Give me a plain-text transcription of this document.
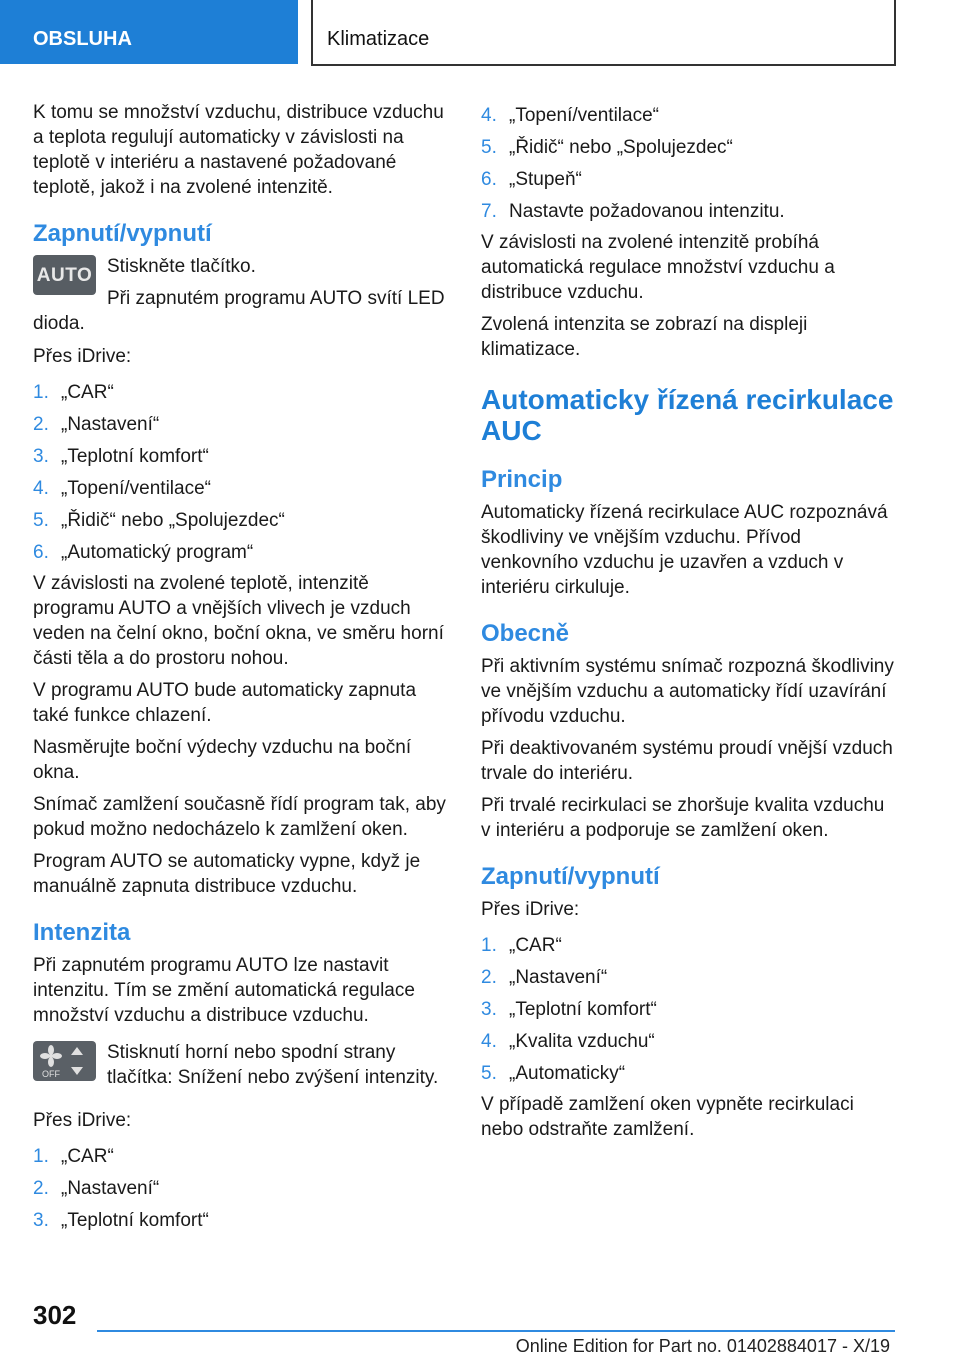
OBSLUHA	Klimatizace

K tomu se množství vzduchu, distribuce vzduchu a teplota regulují automaticky v závislosti na teplotě v interiéru a nastavené požadované teplotě, jakož i na zvolené intenzitě.

Zapnutí/vypnutí
AUTO Stiskněte tlačítko.

Při zapnutém programu AUTO svítí LED dioda.

Přes iDrive:

1. „CAR“
2. „Nastavení“
3. „Teplotní komfort“
4. „Topení/ventilace“
5. „Řidič“ nebo „Spolujezdec“
6. „Automatický program“

V závislosti na zvolené teplotě, intenzitě programu AUTO a vnějších vlivech je vzduch veden na čelní okno, boční okna, ve směru horní části těla a do prostoru nohou.

V programu AUTO bude automaticky zapnuta také funkce chlazení.

Nasměrujte boční výdechy vzduchu na boční okna.

Snímač zamlžení současně řídí program tak, aby pokud možno nedocházelo k zamlžení oken.

Program AUTO se automaticky vypne, když je manuálně zapnuta distribuce vzduchu.

Intenzita

Při zapnutém programu AUTO lze nastavit intenzitu. Tím se změní automatická regulace množství vzduchu a distribuce vzduchu.

OFF

Stisknutí horní nebo spodní strany tlačítka: Snížení nebo zvýšení intenzity.

Přes iDrive:

1. „CAR“
2. „Nastavení“
3. „Teplotní komfort“
4. „Topení/ventilace“
5. „Řidič“ nebo „Spolujezdec“
6. „Stupeň“
7. Nastavte požadovanou intenzitu.

V závislosti na zvolené intenzitě probíhá automatická regulace množství vzduchu a distribuce vzduchu.

Zvolená intenzita se zobrazí na displeji klimatizace.

Automaticky řízená recirkulace AUC
Princip

Automaticky řízená recirkulace AUC rozpoznává škodliviny ve vnějším vzduchu. Přívod venkovního vzduchu je uzavřen a vzduch v interiéru cirkuluje.

Obecně

Při aktivním systému snímač rozpozná škodliviny ve vnějším vzduchu a automaticky řídí uzavírání přívodu vzduchu.

Při deaktivovaném systému proudí vnější vzduch trvale do interiéru.

Při trvalé recirkulaci se zhoršuje kvalita vzduchu v interiéru a podporuje se zamlžení oken.

Zapnutí/vypnutí

Přes iDrive:

1. „CAR“
2. „Nastavení“
3. „Teplotní komfort“
4. „Kvalita vzduchu“
5. „Automaticky“

V případě zamlžení oken vypněte recirkulaci nebo odstraňte zamlžení.

302
Online Edition for Part no. 01402884017 - X/19
